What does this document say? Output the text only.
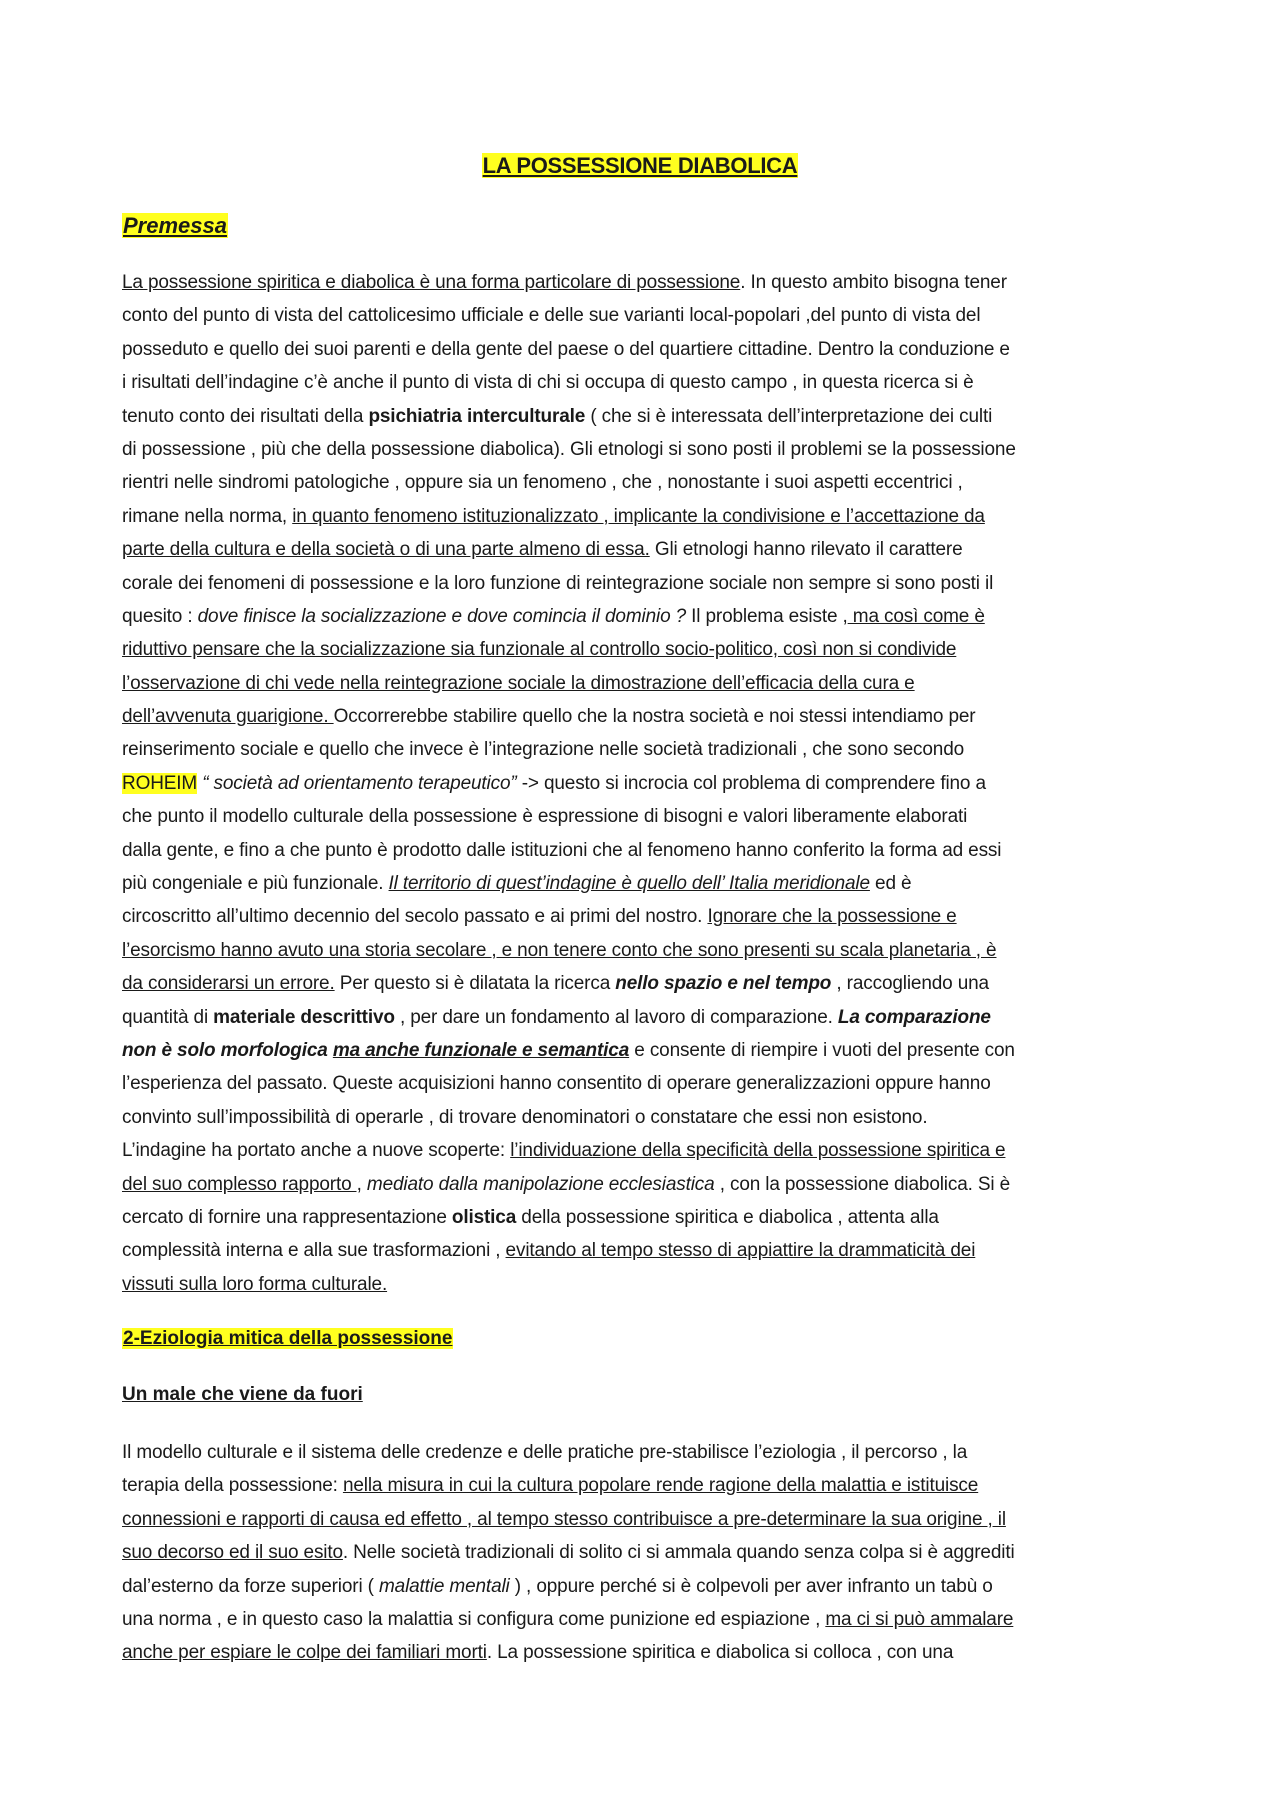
LA POSSESSIONE DIABOLICA
Premessa
La possessione spiritica e diabolica è una forma particolare di possessione. In questo ambito bisogna tener
conto del punto di vista del cattolicesimo ufficiale e delle sue varianti local-popolari ,del punto di vista del
posseduto e quello dei suoi parenti e della gente del paese o del quartiere cittadine. Dentro la conduzione e
i risultati dell’indagine c’è anche il punto di vista di chi si occupa di questo campo , in questa ricerca si è
tenuto conto dei risultati della psichiatria interculturale ( che si è interessata dell’interpretazione dei culti
di possessione , più che della possessione diabolica). Gli etnologi si sono posti il problemi se la possessione
rientri nelle sindromi patologiche , oppure sia un fenomeno , che , nonostante i suoi aspetti eccentrici ,
rimane nella norma, in quanto fenomeno istituzionalizzato , implicante la condivisione e l’accettazione da
parte della cultura e della società o di una parte almeno di essa. Gli etnologi hanno rilevato il carattere
corale dei fenomeni di possessione e la loro funzione di reintegrazione sociale non sempre si sono posti il
quesito : dove finisce la socializzazione e dove comincia il dominio ? Il problema esiste , ma così come è
riduttivo pensare che la socializzazione sia funzionale al controllo socio-politico, così non si condivide
l’osservazione di chi vede nella reintegrazione sociale la dimostrazione dell’efficacia della cura e
dell’avvenuta guarigione. Occorrerebbe stabilire quello che la nostra società e noi stessi intendiamo per
reinserimento sociale e quello che invece è l’integrazione nelle società tradizionali , che sono secondo
ROHEIM “ società ad orientamento terapeutico” -> questo si incrocia col problema di comprendere fino a
che punto il modello culturale della possessione è espressione di bisogni e valori liberamente elaborati
dalla gente, e fino a che punto è prodotto dalle istituzioni che al fenomeno hanno conferito la forma ad essi
più congeniale e più funzionale. Il territorio di quest’indagine è quello dell’ Italia meridionale ed è
circoscritto all’ultimo decennio del secolo passato e ai primi del nostro. Ignorare che la possessione e
l’esorcismo hanno avuto una storia secolare , e non tenere conto che sono presenti su scala planetaria , è
da considerarsi un errore. Per questo si è dilatata la ricerca nello spazio e nel tempo , raccogliendo una
quantità di materiale descrittivo , per dare un fondamento al lavoro di comparazione. La comparazione
non è solo morfologica ma anche funzionale e semantica e consente di riempire i vuoti del presente con
l’esperienza del passato. Queste acquisizioni hanno consentito di operare generalizzazioni oppure hanno
convinto sull’impossibilità di operarle , di trovare denominatori o constatare che essi non esistono.
L’indagine ha portato anche a nuove scoperte: l’individuazione della specificità della possessione spiritica e
del suo complesso rapporto , mediato dalla manipolazione ecclesiastica , con la possessione diabolica. Si è
cercato di fornire una rappresentazione olistica della possessione spiritica e diabolica , attenta alla
complessità interna e alla sue trasformazioni , evitando al tempo stesso di appiattire la drammaticità dei
vissuti sulla loro forma culturale.
2-Eziologia mitica della possessione
Un male che viene da fuori
Il modello culturale e il sistema delle credenze e delle pratiche pre-stabilisce l’eziologia , il percorso , la
terapia della possessione: nella misura in cui la cultura popolare rende ragione della malattia e istituisce
connessioni e rapporti di causa ed effetto , al tempo stesso contribuisce a pre-determinare la sua origine , il
suo decorso ed il suo esito. Nelle società tradizionali di solito ci si ammala quando senza colpa si è aggrediti
dal’esterno da forze superiori ( malattie mentali ) , oppure perché si è colpevoli per aver infranto un tabù o
una norma , e in questo caso la malattia si configura come punizione ed espiazione , ma ci si può ammalare
anche per espiare le colpe dei familiari morti. La possessione spiritica e diabolica si colloca , con una
